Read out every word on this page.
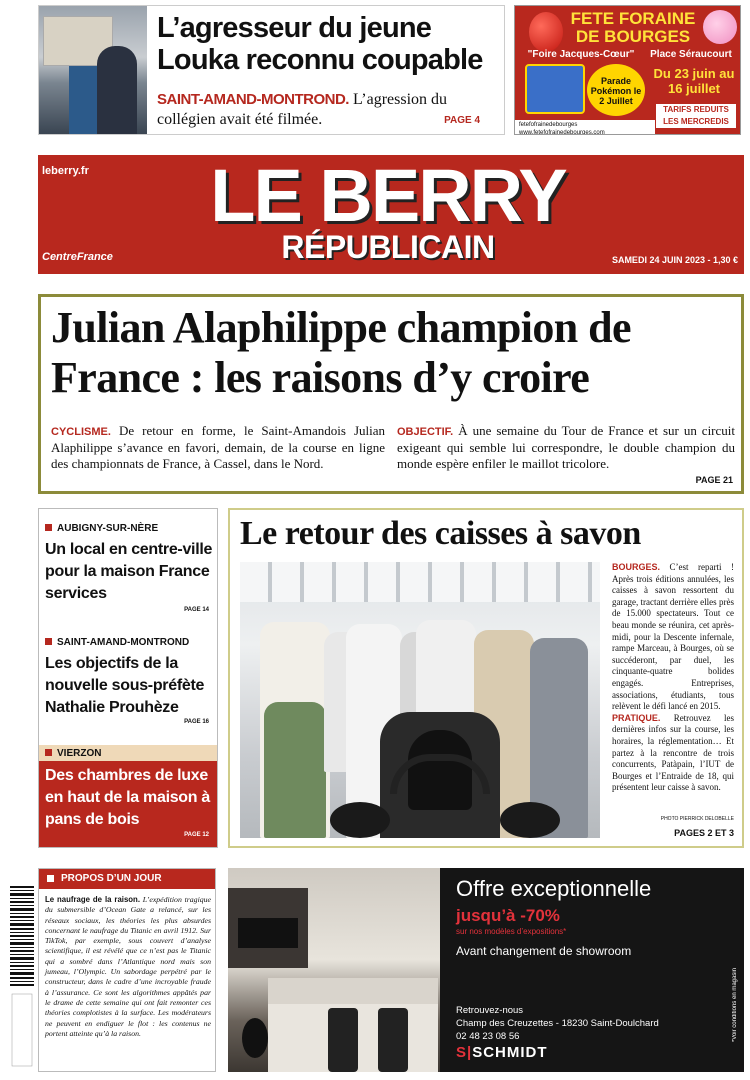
L’agresseur du jeune Louka reconnu coupable
SAINT-AMAND-MONTROND. L’agression du collégien avait été filmée.	PAGE 4
FETE FORAINE DE BOURGES
"Foire Jacques-Cœur"	Place Séraucourt
Parade Pokémon le 2 Juillet
Du 23 juin au 16 juillet
TARIFS REDUITS LES MERCREDIS
fetefofrainedebourges
www.fetefofrainedebourges.com
leberry.fr LE BERRY
RÉPUBLICAIN
CentreFrance	SAMEDI 24 JUIN 2023 - 1,30 €
Julian Alaphilippe champion de France : les raisons d’y croire
CYCLISME. De retour en forme, le Saint-Amandois Julian Alaphilippe s’avance en favori, demain, de la course en ligne des championnats de France, à Cassel, dans le Nord.
OBJECTIF. À une semaine du Tour de France et sur un circuit exigeant qui semble lui correspondre, le double champion du monde espère enfiler le maillot tricolore.
PAGE 21
AUBIGNY-SUR-NÈRE
Un local en centre-ville pour la maison France services
PAGE 14
SAINT-AMAND-MONTROND
Les objectifs de la nouvelle sous-préfète Nathalie Prouhèze
PAGE 16
VIERZON
Des chambres de luxe en haut de la maison à pans de bois
PAGE 12
Le retour des caisses à savon
BOURGES. C’est reparti ! Après trois éditions annulées, les caisses à savon ressortent du garage, tractant derrière elles près de 15.000 spectateurs. Tout ce beau monde se réunira, cet après-midi, pour la Descente infernale, rampe Marceau, à Bourges, où se succéderont, par duel, les cinquante-quatre bolides engagés. Entreprises, associations, étudiants, tous relèvent le défi lancé en 2015.
PRATIQUE. Retrouvez les dernières infos sur la course, les horaires, la réglementation… Et partez à la rencontre de trois concurrents, Patàpain, l’IUT de Bourges et l’Entraide de 18, qui présentent leur caisse à savon.
PHOTO PIERRICK DELOBELLE
PAGES 2 ET 3
PROPOS D’UN JOUR
Le naufrage de la raison. L’expédition tragique du submersible d’Ocean Gate a relancé, sur les réseaux sociaux, les théories les plus absurdes concernant le naufrage du Titanic en avril 1912. Sur TikTok, par exemple, sous couvert d’analyse scientifique, il est révélé que ce n’est pas le Titanic qui a sombré dans l’Atlantique nord mais son jumeau, l’Olympic. Un sabordage perpétré par le constructeur, dans le cadre d’une incroyable fraude à l’assurance. Ce sont les algorithmes appâtés par le drame de cette semaine qui ont fait remonter ces théories complotistes à la surface. Les modérateurs ne peuvent en endiguer le flot : les contenus ne portent atteinte qu’à la raison.
Offre exceptionnelle
jusqu’à -70%
sur nos modèles d’expositions*
Avant changement de showroom
Retrouvez-nous
Champ des Creuzettes - 18230 Saint-Doulchard
02 48 23 08 56
S|SCHMIDT
*Voir conditions en magasin
